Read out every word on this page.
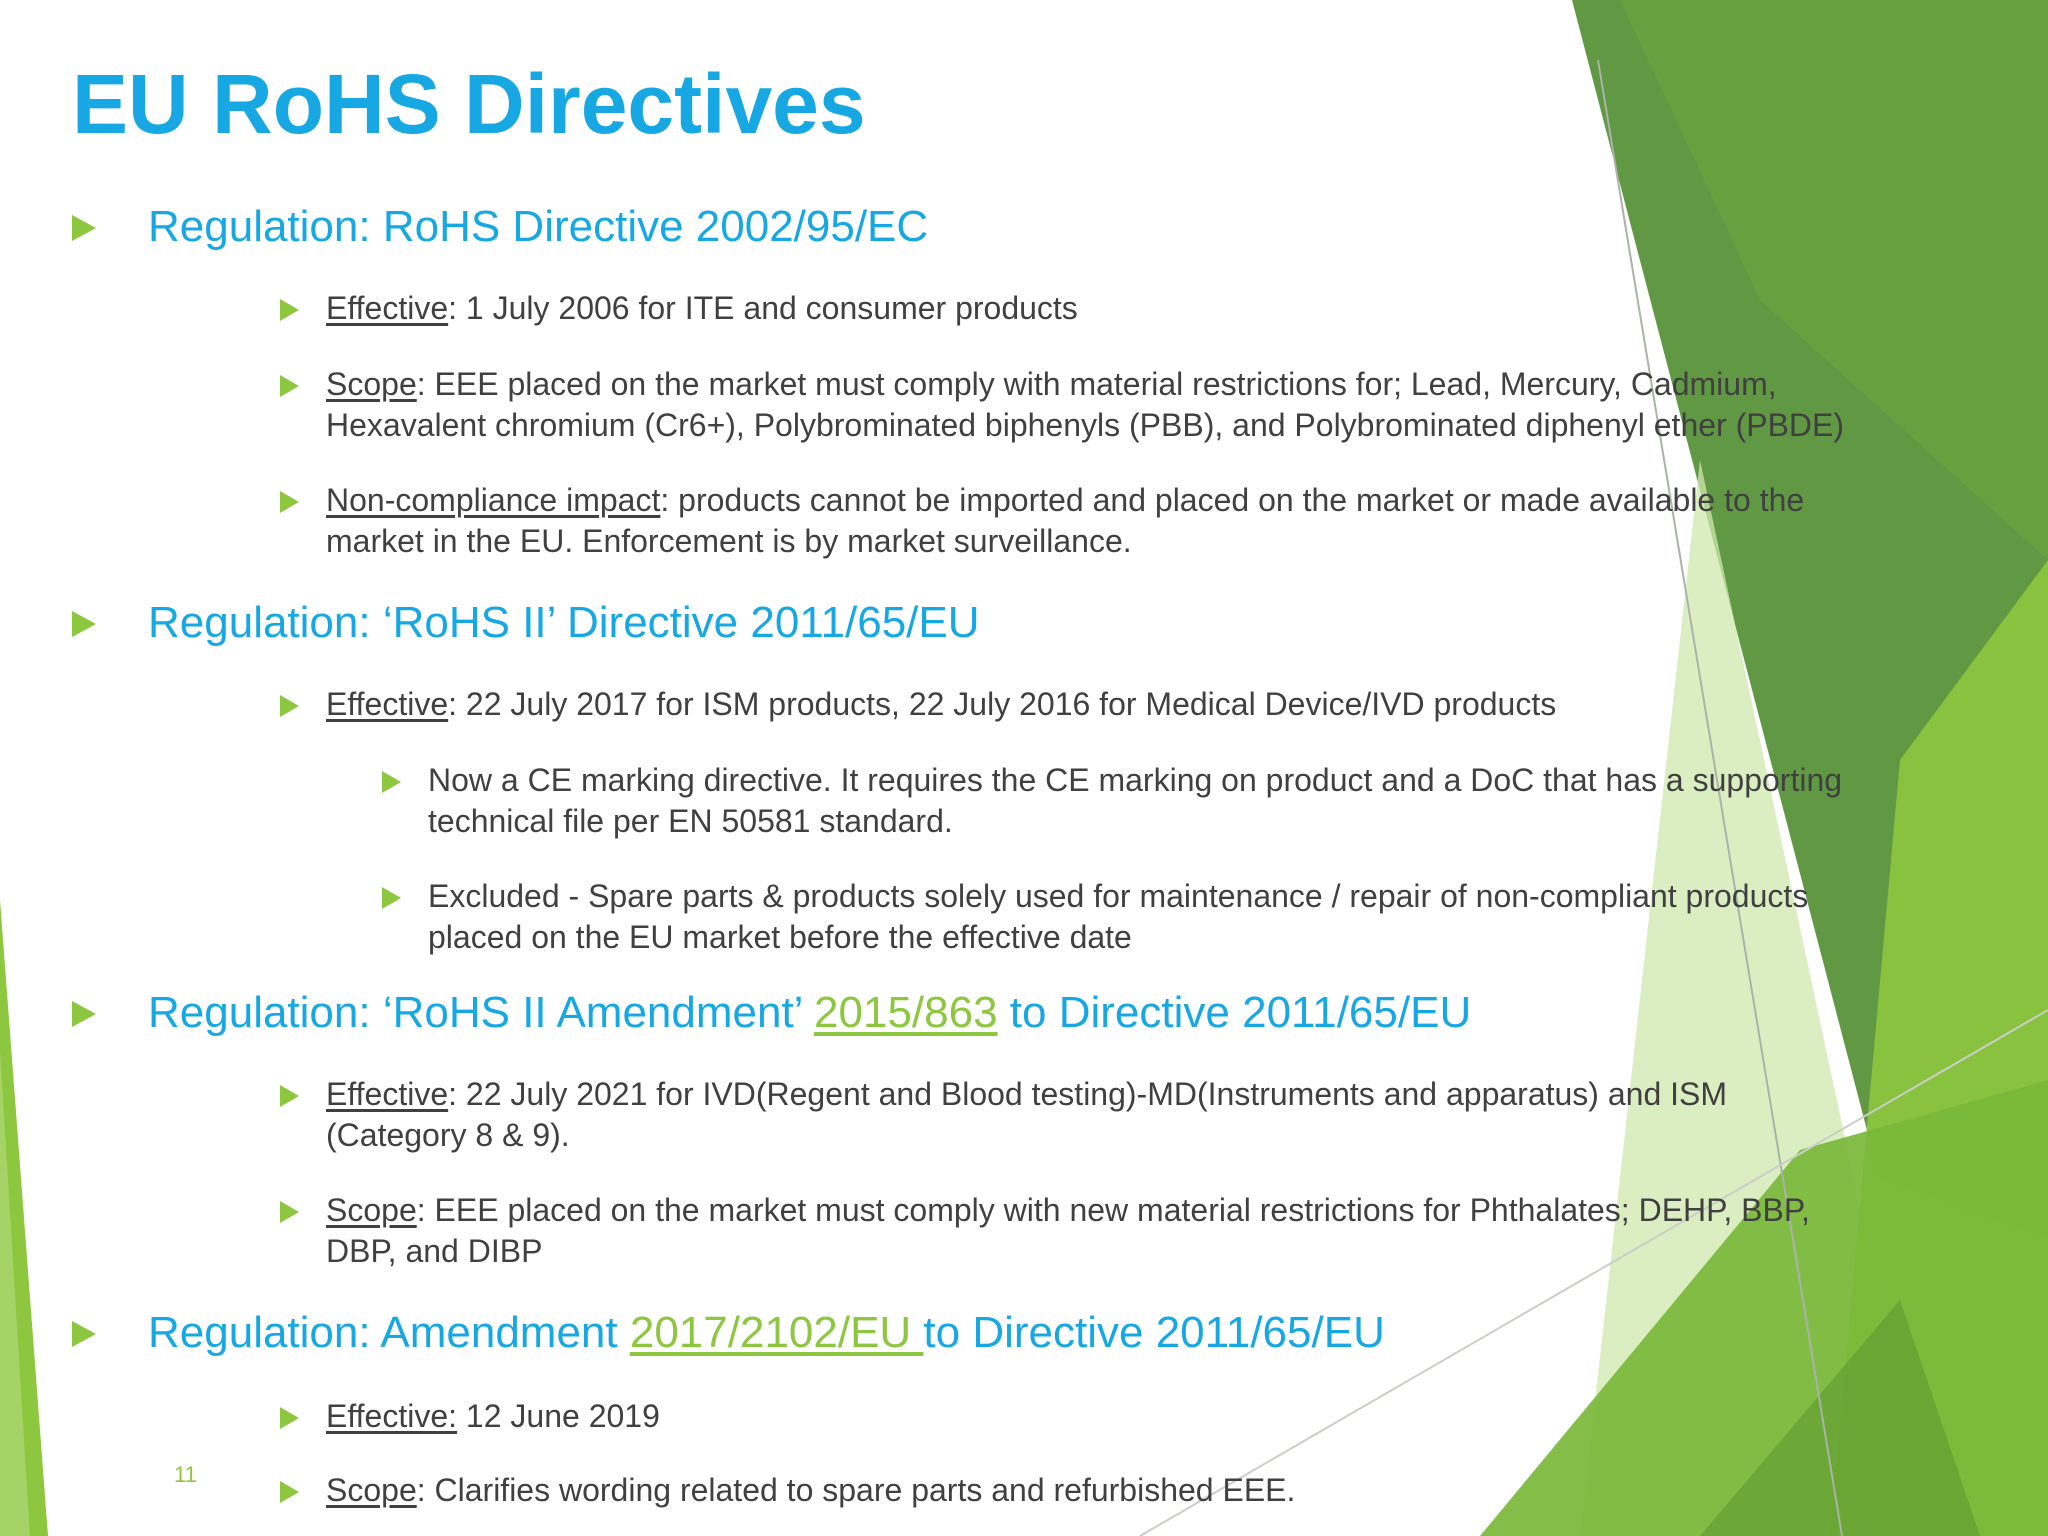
EU RoHS Directives
Regulation: RoHS Directive 2002/95/EC
Effective: 1 July 2006 for ITE and consumer products
Scope: EEE placed on the market must comply with material restrictions for; Lead, Mercury, Cadmium,
Hexavalent chromium (Cr6+), Polybrominated biphenyls (PBB), and Polybrominated diphenyl ether (PBDE)
Non-compliance impact: products cannot be imported and placed on the market or made available to the
market in the EU. Enforcement is by market surveillance.
Regulation: ‘RoHS II’ Directive 2011/65/EU
Effective: 22 July 2017 for ISM products, 22 July 2016 for Medical Device/IVD products
Now a CE marking directive. It requires the CE marking on product and a DoC that has a supporting
technical file per EN 50581 standard.
Excluded - Spare parts & products solely used for maintenance / repair of non-compliant products
placed on the EU market before the effective date
Regulation: ‘RoHS II Amendment’ 2015/863 to Directive 2011/65/EU
Effective: 22 July 2021 for IVD(Regent and Blood testing)-MD(Instruments and apparatus) and ISM
(Category 8 & 9).
Scope: EEE placed on the market must comply with new material restrictions for Phthalates; DEHP, BBP,
DBP, and DIBP
Regulation: Amendment 2017/2102/EU to Directive 2011/65/EU
Effective: 12 June 2019
Scope: Clarifies wording related to spare parts and refurbished EEE.
11
